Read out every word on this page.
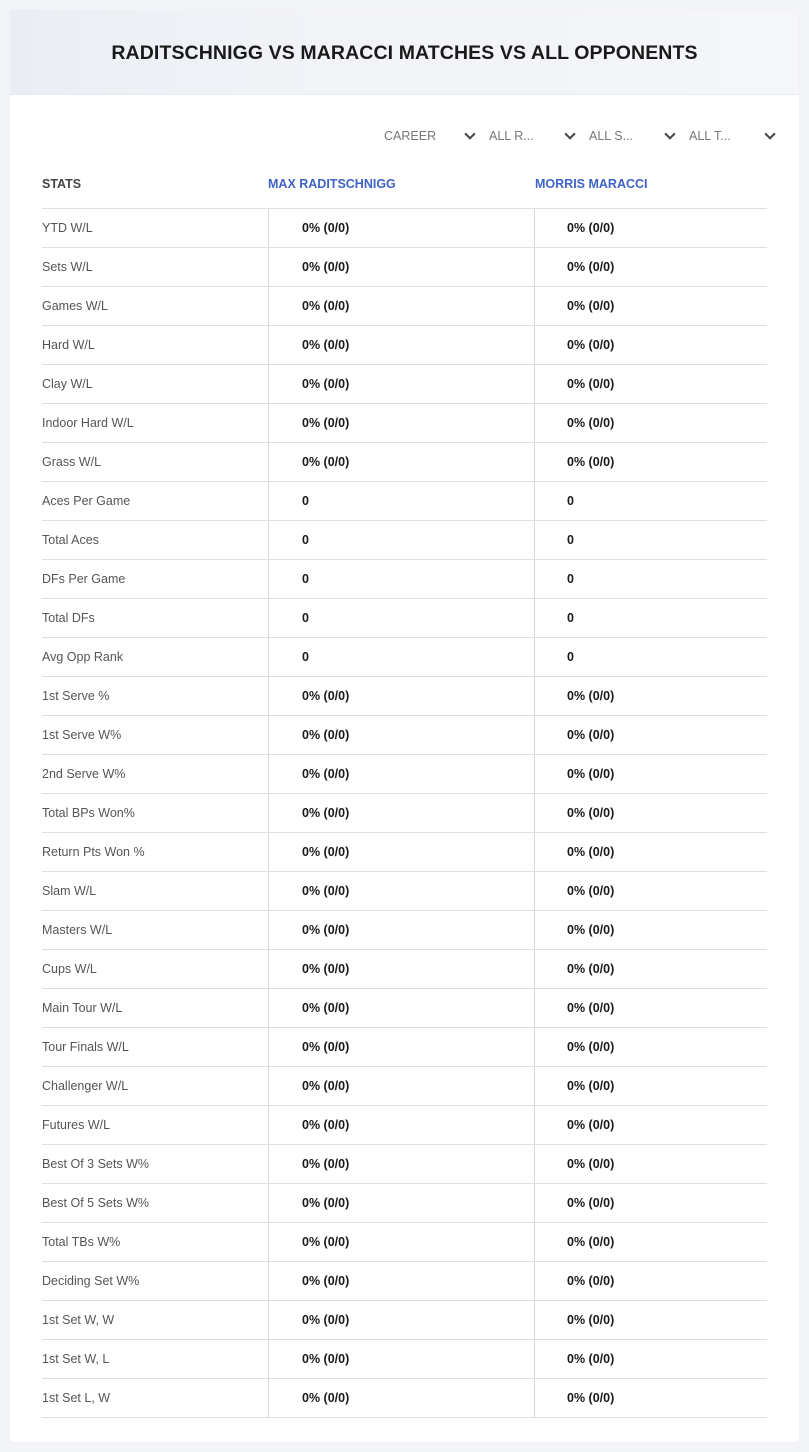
RADITSCHNIGG VS MARACCI MATCHES VS ALL OPPONENTS
CAREER	ALL R...	ALL S...	ALL T...
STATS	MAX RADITSCHNIGG	MORRIS MARACCI
YTD W/L	0% (0/0)	0% (0/0)
Sets W/L	0% (0/0)	0% (0/0)
Games W/L	0% (0/0)	0% (0/0)
Hard W/L	0% (0/0)	0% (0/0)
Clay W/L	0% (0/0)	0% (0/0)
Indoor Hard W/L	0% (0/0)	0% (0/0)
Grass W/L	0% (0/0)	0% (0/0)
Aces Per Game	0	0
Total Aces	0	0
DFs Per Game	0	0
Total DFs	0	0
Avg Opp Rank	0	0
1st Serve %	0% (0/0)	0% (0/0)
1st Serve W%	0% (0/0)	0% (0/0)
2nd Serve W%	0% (0/0)	0% (0/0)
Total BPs Won%	0% (0/0)	0% (0/0)
Return Pts Won %	0% (0/0)	0% (0/0)
Slam W/L	0% (0/0)	0% (0/0)
Masters W/L	0% (0/0)	0% (0/0)
Cups W/L	0% (0/0)	0% (0/0)
Main Tour W/L	0% (0/0)	0% (0/0)
Tour Finals W/L	0% (0/0)	0% (0/0)
Challenger W/L	0% (0/0)	0% (0/0)
Futures W/L	0% (0/0)	0% (0/0)
Best Of 3 Sets W%	0% (0/0)	0% (0/0)
Best Of 5 Sets W%	0% (0/0)	0% (0/0)
Total TBs W%	0% (0/0)	0% (0/0)
Deciding Set W%	0% (0/0)	0% (0/0)
1st Set W, W	0% (0/0)	0% (0/0)
1st Set W, L	0% (0/0)	0% (0/0)
1st Set L, W	0% (0/0)	0% (0/0)
